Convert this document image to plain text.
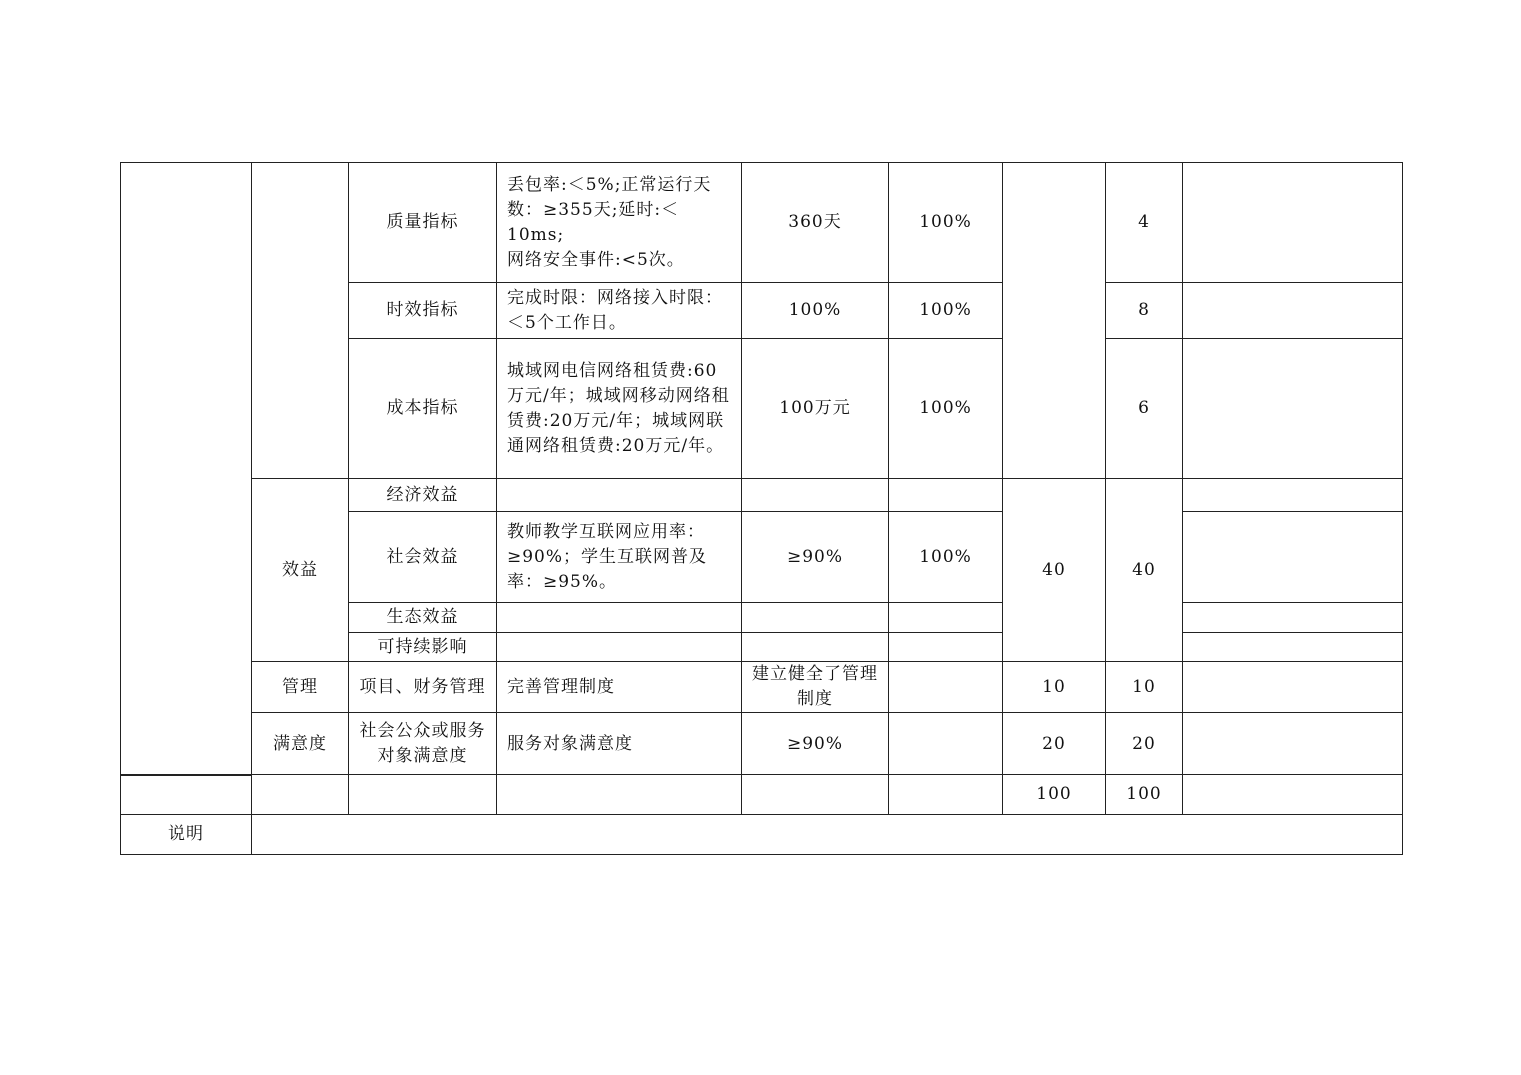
		质量指标	丢包率:＜5%;正常运行天数：≥355天;延时:＜10ms;
网络安全事件:<5次。	360天	100%		4	

		时效指标	完成时限：网络接入时限：＜5个工作日。	100%	100%		8	

		成本指标	城域网电信网络租赁费:60万元/年；城域网移动网络租赁费:20万元/年；城域网联通网络租赁费:20万元/年。	100万元	100%		6	

	效益	经济效益				40	40	

		社会效益	教师教学互联网应用率：≥90%；学生互联网普及率：≥95%。	≥90%	100%			

		生态效益						

		可持续影响						

	管理	项目、财务管理	完善管理制度	建立健全了管理制度		10	10	

	满意度	社会公众或服务对象满意度	服务对象满意度	≥90%		20	20	

						100	100	

说明								
